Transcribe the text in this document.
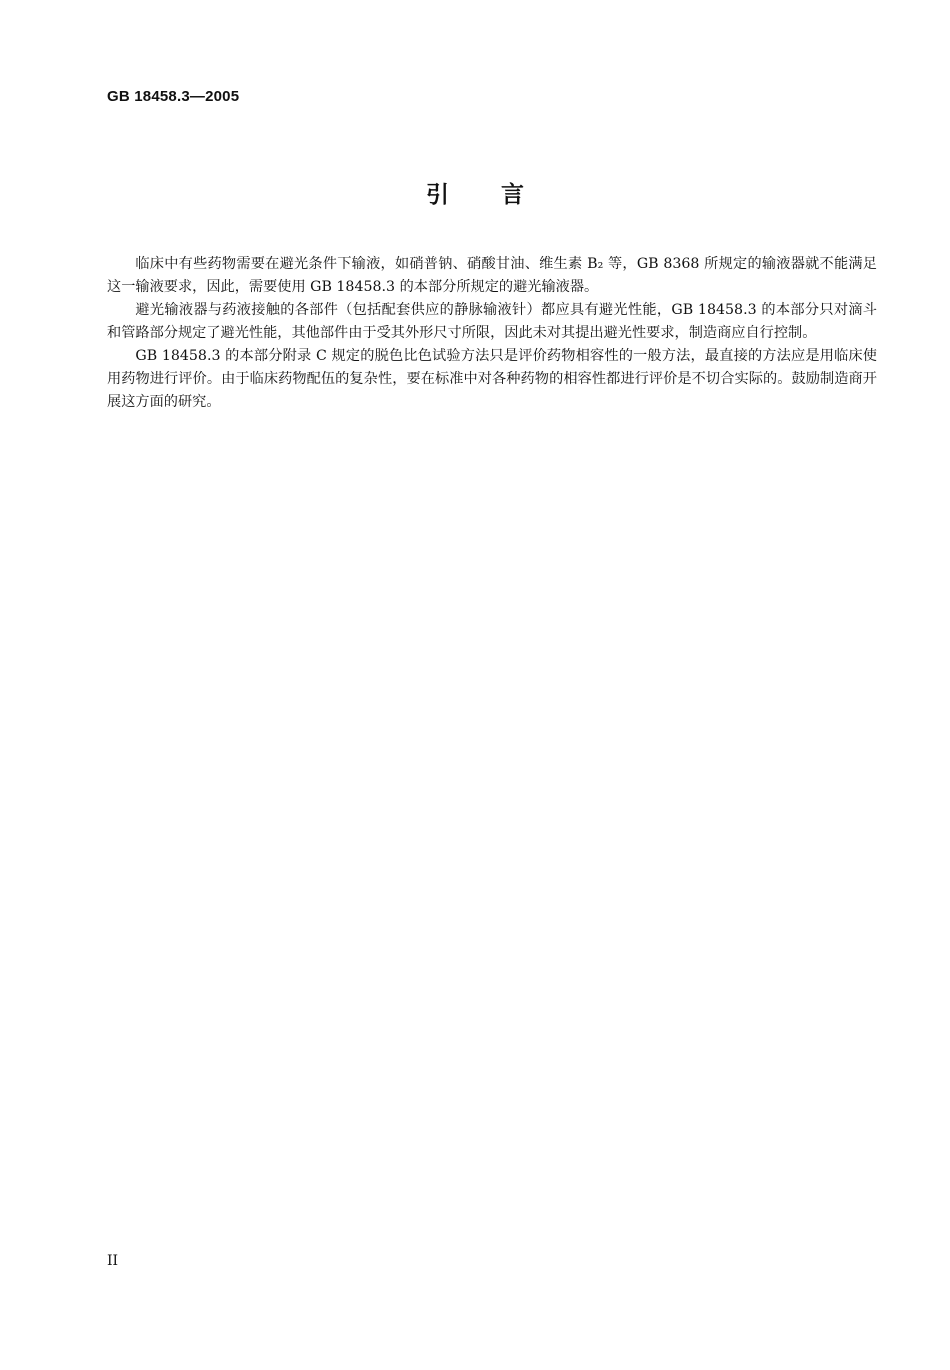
GB 18458.3—2005
引言

临床中有些药物需要在避光条件下输液，如硝普钠、硝酸甘油、维生素 B₂ 等，GB 8368 所规定的输液器就不能满足这一输液要求，因此，需要使用 GB 18458.3 的本部分所规定的避光输液器。

避光输液器与药液接触的各部件（包括配套供应的静脉输液针）都应具有避光性能，GB 18458.3 的本部分只对滴斗和管路部分规定了避光性能，其他部件由于受其外形尺寸所限，因此未对其提出避光性要求，制造商应自行控制。

GB 18458.3 的本部分附录 C 规定的脱色比色试验方法只是评价药物相容性的一般方法，最直接的方法应是用临床使用药物进行评价。由于临床药物配伍的复杂性，要在标准中对各种药物的相容性都进行评价是不切合实际的。鼓励制造商开展这方面的研究。

II
